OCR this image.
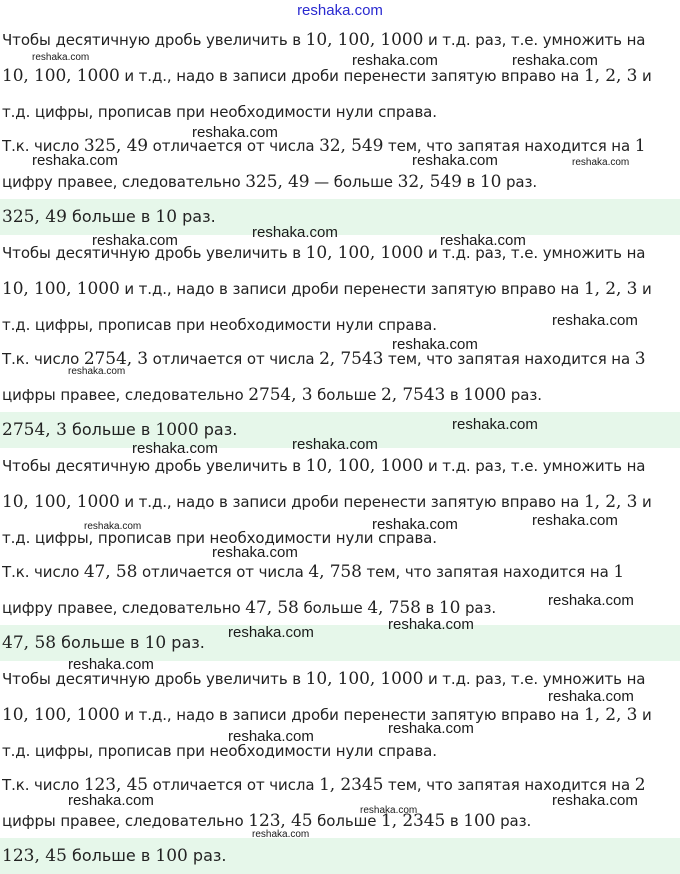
reshaka.com
Чтобы десятичную дробь увеличить в 10, 100, 1000 и т.д. раз, т.е. умножить на
10, 100, 1000 и т.д., надо в записи дроби перенести запятую вправо на 1, 2, 3 и
т.д. цифры, прописав при необходимости нули справа.
Т.к. число 325, 49 отличается от числа 32, 549 тем, что запятая находится на 1
цифру правее, следовательно 325, 49 — больше 32, 549 в 10 раз.
325, 49 больше в 10 раз.
Чтобы десятичную дробь увеличить в 10, 100, 1000 и т.д. раз, т.е. умножить на
10, 100, 1000 и т.д., надо в записи дроби перенести запятую вправо на 1, 2, 3 и
т.д. цифры, прописав при необходимости нули справа.
Т.к. число 2754, 3 отличается от числа 2, 7543 тем, что запятая находится на 3
цифры правее, следовательно 2754, 3 больше 2, 7543 в 1000 раз.
2754, 3 больше в 1000 раз.
Чтобы десятичную дробь увеличить в 10, 100, 1000 и т.д. раз, т.е. умножить на
10, 100, 1000 и т.д., надо в записи дроби перенести запятую вправо на 1, 2, 3 и
т.д. цифры, прописав при необходимости нули справа.
Т.к. число 47, 58 отличается от числа 4, 758 тем, что запятая находится на 1
цифру правее, следовательно 47, 58 больше 4, 758 в 10 раз.
47, 58 больше в 10 раз.
Чтобы десятичную дробь увеличить в 10, 100, 1000 и т.д. раз, т.е. умножить на
10, 100, 1000 и т.д., надо в записи дроби перенести запятую вправо на 1, 2, 3 и
т.д. цифры, прописав при необходимости нули справа.
Т.к. число 123, 45 отличается от числа 1, 2345 тем, что запятая находится на 2
цифры правее, следовательно 123, 45 больше 1, 2345 в 100 раз.
123, 45 больше в 100 раз.
reshaka.com	reshaka.com	reshaka.com
reshaka.com
reshaka.com	reshaka.com	reshaka.com
reshaka.com
reshaka.com	reshaka.com
reshaka.com
reshaka.com
reshaka.com
reshaka.com
reshaka.com
reshaka.com
reshaka.com
reshaka.com
reshaka.com
reshaka.com
reshaka.com
reshaka.com
reshaka.com
reshaka.com
reshaka.com
reshaka.com
reshaka.com
reshaka.com	reshaka.com
reshaka.com
reshaka.com
